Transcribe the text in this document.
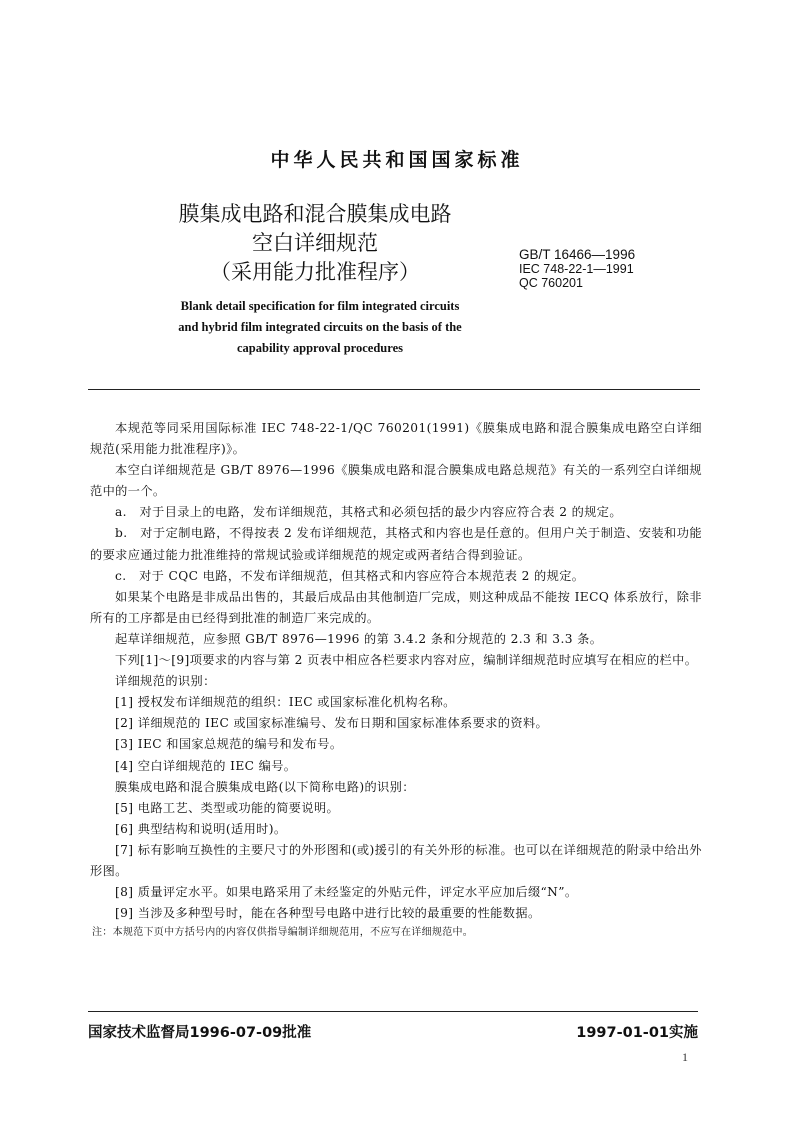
中华人民共和国国家标准
膜集成电路和混合膜集成电路
空白详细规范
（采用能力批准程序）
GB/T 16466—1996
IEC 748-22-1—1991
QC 760201
Blank detail specification for film integrated circuits
and hybrid film integrated circuits on the basis of the
capability approval procedures

本规范等同采用国际标准 IEC 748-22-1/QC 760201(1991)《膜集成电路和混合膜集成电路空白详细规范(采用能力批准程序)》。

本空白详细规范是 GB/T 8976—1996《膜集成电路和混合膜集成电路总规范》有关的一系列空白详细规范中的一个。

a.　对于目录上的电路，发布详细规范，其格式和必须包括的最少内容应符合表 2 的规定。

b.　对于定制电路，不得按表 2 发布详细规范，其格式和内容也是任意的。但用户关于制造、安装和功能的要求应通过能力批准维持的常规试验或详细规范的规定或两者结合得到验证。

c.　对于 CQC 电路，不发布详细规范，但其格式和内容应符合本规范表 2 的规定。

如果某个电路是非成品出售的，其最后成品由其他制造厂完成，则这种成品不能按 IECQ 体系放行，除非所有的工序都是由已经得到批准的制造厂来完成的。

起草详细规范，应参照 GB/T 8976—1996 的第 3.4.2 条和分规范的 2.3 和 3.3 条。

下列[1]～[9]项要求的内容与第 2 页表中相应各栏要求内容对应，编制详细规范时应填写在相应的栏中。

详细规范的识别：

[1] 授权发布详细规范的组织：IEC 或国家标准化机构名称。

[2] 详细规范的 IEC 或国家标准编号、发布日期和国家标准体系要求的资料。

[3] IEC 和国家总规范的编号和发布号。

[4] 空白详细规范的 IEC 编号。

膜集成电路和混合膜集成电路(以下简称电路)的识别：

[5] 电路工艺、类型或功能的简要说明。

[6] 典型结构和说明(适用时)。

[7] 标有影响互换性的主要尺寸的外形图和(或)援引的有关外形的标准。也可以在详细规范的附录中给出外形图。

[8] 质量评定水平。如果电路采用了未经鉴定的外贴元件，评定水平应加后缀“N”。

[9] 当涉及多种型号时，能在各种型号电路中进行比较的最重要的性能数据。

注：本规范下页中方括号内的内容仅供指导编制详细规范用，不应写在详细规范中。

国家技术监督局1996-07-09批准	1997-01-01实施
1
